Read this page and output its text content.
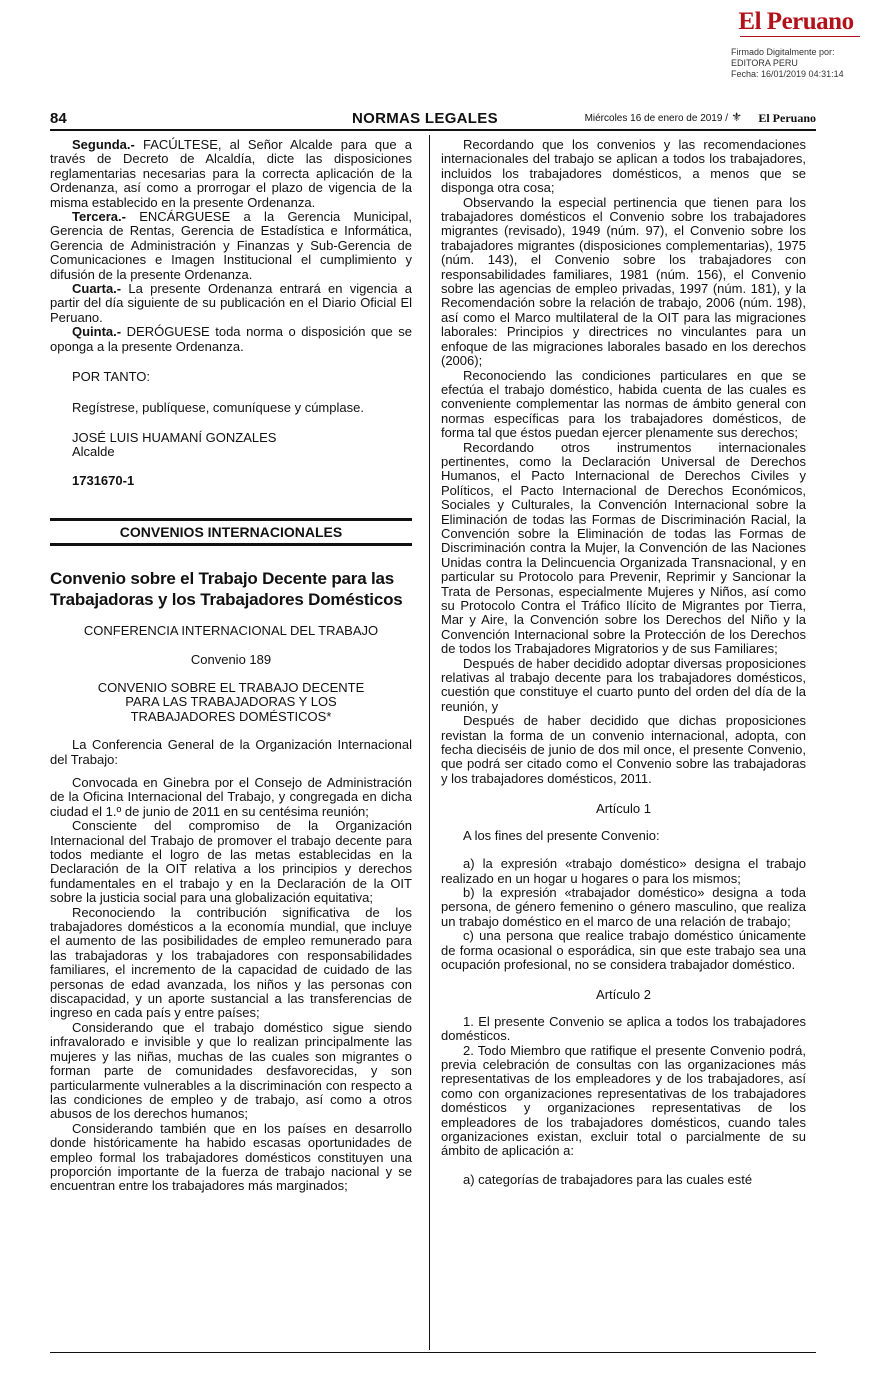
El Peruano
Firmado Digitalmente por:
EDITORA PERU
Fecha: 16/01/2019 04:31:14
84	NORMAS LEGALES	Miércoles 16 de enero de 2019 / ⚜ El Peruano

Segunda.- FACÚLTESE, al Señor Alcalde para que a través de Decreto de Alcaldía, dicte las disposiciones reglamentarias necesarias para la correcta aplicación de la Ordenanza, así como a prorrogar el plazo de vigencia de la misma establecido en la presente Ordenanza.

Tercera.- ENCÁRGUESE a la Gerencia Municipal, Gerencia de Rentas, Gerencia de Estadística e Informática, Gerencia de Administración y Finanzas y Sub-Gerencia de Comunicaciones e Imagen Institucional el cumplimiento y difusión de la presente Ordenanza.

Cuarta.- La presente Ordenanza entrará en vigencia a partir del día siguiente de su publicación en el Diario Oficial El Peruano.

Quinta.- DERÓGUESE toda norma o disposición que se oponga a la presente Ordenanza.

POR TANTO:

Regístrese, publíquese, comuníquese y cúmplase.

JOSÉ LUIS HUAMANÍ GONZALES

Alcalde

1731670-1

CONVENIOS INTERNACIONALES
Convenio sobre el Trabajo Decente para las Trabajadoras y los Trabajadores Domésticos

CONFERENCIA INTERNACIONAL DEL TRABAJO

Convenio 189

CONVENIO SOBRE EL TRABAJO DECENTE

PARA LAS TRABAJADORAS Y LOS

TRABAJADORES DOMÉSTICOS*

La Conferencia General de la Organización Internacional del Trabajo:

Convocada en Ginebra por el Consejo de Administración de la Oficina Internacional del Trabajo, y congregada en dicha ciudad el 1.º de junio de 2011 en su centésima reunión;

Consciente del compromiso de la Organización Internacional del Trabajo de promover el trabajo decente para todos mediante el logro de las metas establecidas en la Declaración de la OIT relativa a los principios y derechos fundamentales en el trabajo y en la Declaración de la OIT sobre la justicia social para una globalización equitativa;

Reconociendo la contribución significativa de los trabajadores domésticos a la economía mundial, que incluye el aumento de las posibilidades de empleo remunerado para las trabajadoras y los trabajadores con responsabilidades familiares, el incremento de la capacidad de cuidado de las personas de edad avanzada, los niños y las personas con discapacidad, y un aporte sustancial a las transferencias de ingreso en cada país y entre países;

Considerando que el trabajo doméstico sigue siendo infravalorado e invisible y que lo realizan principalmente las mujeres y las niñas, muchas de las cuales son migrantes o forman parte de comunidades desfavorecidas, y son particularmente vulnerables a la discriminación con respecto a las condiciones de empleo y de trabajo, así como a otros abusos de los derechos humanos;

Considerando también que en los países en desarrollo donde históricamente ha habido escasas oportunidades de empleo formal los trabajadores domésticos constituyen una proporción importante de la fuerza de trabajo nacional y se encuentran entre los trabajadores más marginados;

Recordando que los convenios y las recomendaciones internacionales del trabajo se aplican a todos los trabajadores, incluidos los trabajadores domésticos, a menos que se disponga otra cosa;

Observando la especial pertinencia que tienen para los trabajadores domésticos el Convenio sobre los trabajadores migrantes (revisado), 1949 (núm. 97), el Convenio sobre los trabajadores migrantes (disposiciones complementarias), 1975 (núm. 143), el Convenio sobre los trabajadores con responsabilidades familiares, 1981 (núm. 156), el Convenio sobre las agencias de empleo privadas, 1997 (núm. 181), y la Recomendación sobre la relación de trabajo, 2006 (núm. 198), así como el Marco multilateral de la OIT para las migraciones laborales: Principios y directrices no vinculantes para un enfoque de las migraciones laborales basado en los derechos (2006);

Reconociendo las condiciones particulares en que se efectúa el trabajo doméstico, habida cuenta de las cuales es conveniente complementar las normas de ámbito general con normas específicas para los trabajadores domésticos, de forma tal que éstos puedan ejercer plenamente sus derechos;

Recordando otros instrumentos internacionales pertinentes, como la Declaración Universal de Derechos Humanos, el Pacto Internacional de Derechos Civiles y Políticos, el Pacto Internacional de Derechos Económicos, Sociales y Culturales, la Convención Internacional sobre la Eliminación de todas las Formas de Discriminación Racial, la Convención sobre la Eliminación de todas las Formas de Discriminación contra la Mujer, la Convención de las Naciones Unidas contra la Delincuencia Organizada Transnacional, y en particular su Protocolo para Prevenir, Reprimir y Sancionar la Trata de Personas, especialmente Mujeres y Niños, así como su Protocolo Contra el Tráfico Ilícito de Migrantes por Tierra, Mar y Aire, la Convención sobre los Derechos del Niño y la Convención Internacional sobre la Protección de los Derechos de todos los Trabajadores Migratorios y de sus Familiares;

Después de haber decidido adoptar diversas proposiciones relativas al trabajo decente para los trabajadores domésticos, cuestión que constituye el cuarto punto del orden del día de la reunión, y

Después de haber decidido que dichas proposiciones revistan la forma de un convenio internacional, adopta, con fecha dieciséis de junio de dos mil once, el presente Convenio, que podrá ser citado como el Convenio sobre las trabajadoras y los trabajadores domésticos, 2011.

Artículo 1

A los fines del presente Convenio:

a) la expresión «trabajo doméstico» designa el trabajo realizado en un hogar u hogares o para los mismos;

b) la expresión «trabajador doméstico» designa a toda persona, de género femenino o género masculino, que realiza un trabajo doméstico en el marco de una relación de trabajo;

c) una persona que realice trabajo doméstico únicamente de forma ocasional o esporádica, sin que este trabajo sea una ocupación profesional, no se considera trabajador doméstico.

Artículo 2

1. El presente Convenio se aplica a todos los trabajadores domésticos.

2. Todo Miembro que ratifique el presente Convenio podrá, previa celebración de consultas con las organizaciones más representativas de los empleadores y de los trabajadores, así como con organizaciones representativas de los trabajadores domésticos y organizaciones representativas de los empleadores de los trabajadores domésticos, cuando tales organizaciones existan, excluir total o parcialmente de su ámbito de aplicación a:

a) categorías de trabajadores para las cuales esté
